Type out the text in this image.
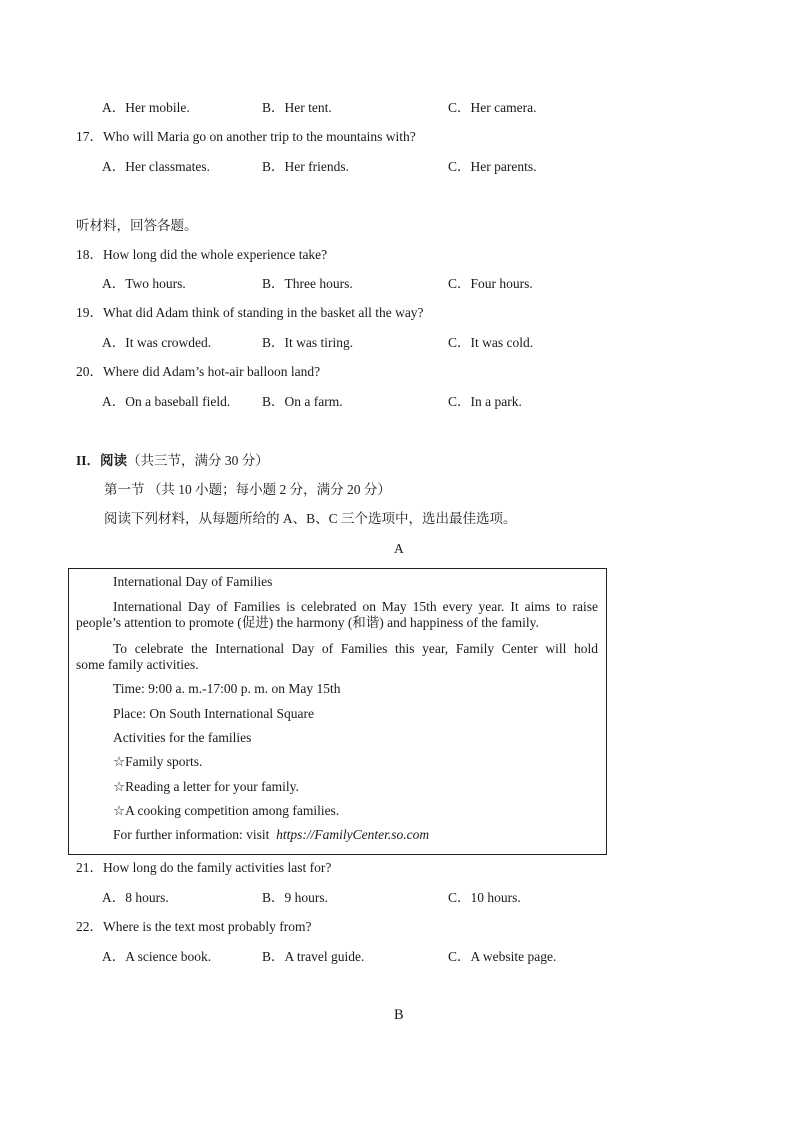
A．Her mobile.	B．Her tent.	C．Her camera.
17．Who will Maria go on another trip to the mountains with?
A．Her classmates.	B．Her friends.	C．Her parents.
听材料，回答各题。
18．How long did the whole experience take?
A．Two hours.	B．Three hours.	C．Four hours.
19．What did Adam think of standing in the basket all the way?
A．It was crowded.	B．It was tiring.	C．It was cold.
20．Where did Adam’s hot-air balloon land?
A．On a baseball field. B．On a farm.	C．In a park.
II．阅读（共三节，满分 30 分）
第一节 （共 10 小题；每小题 2 分，满分 20 分）
阅读下列材料，从每题所给的 A、B、C 三个选项中，选出最佳选项。
A
International Day of Families
International Day of Families is celebrated on May 15th every year. It aims to raise
people’s attention to promote (促进) the harmony (和谐) and happiness of the family.
To celebrate the International Day of Families this year, Family Center will hold
some family activities.
Time: 9:00 a. m.-17:00 p. m. on May 15th
Place: On South International Square
Activities for the families
☆Family sports.
☆Reading a letter for your family.
☆A cooking competition among families.
For further information: visit https://FamilyCenter.so.com
21．How long do the family activities last for?
A．8 hours.	B．9 hours.	C．10 hours.
22．Where is the text most probably from?
A．A science book.	B．A travel guide.	C．A website page.
B
